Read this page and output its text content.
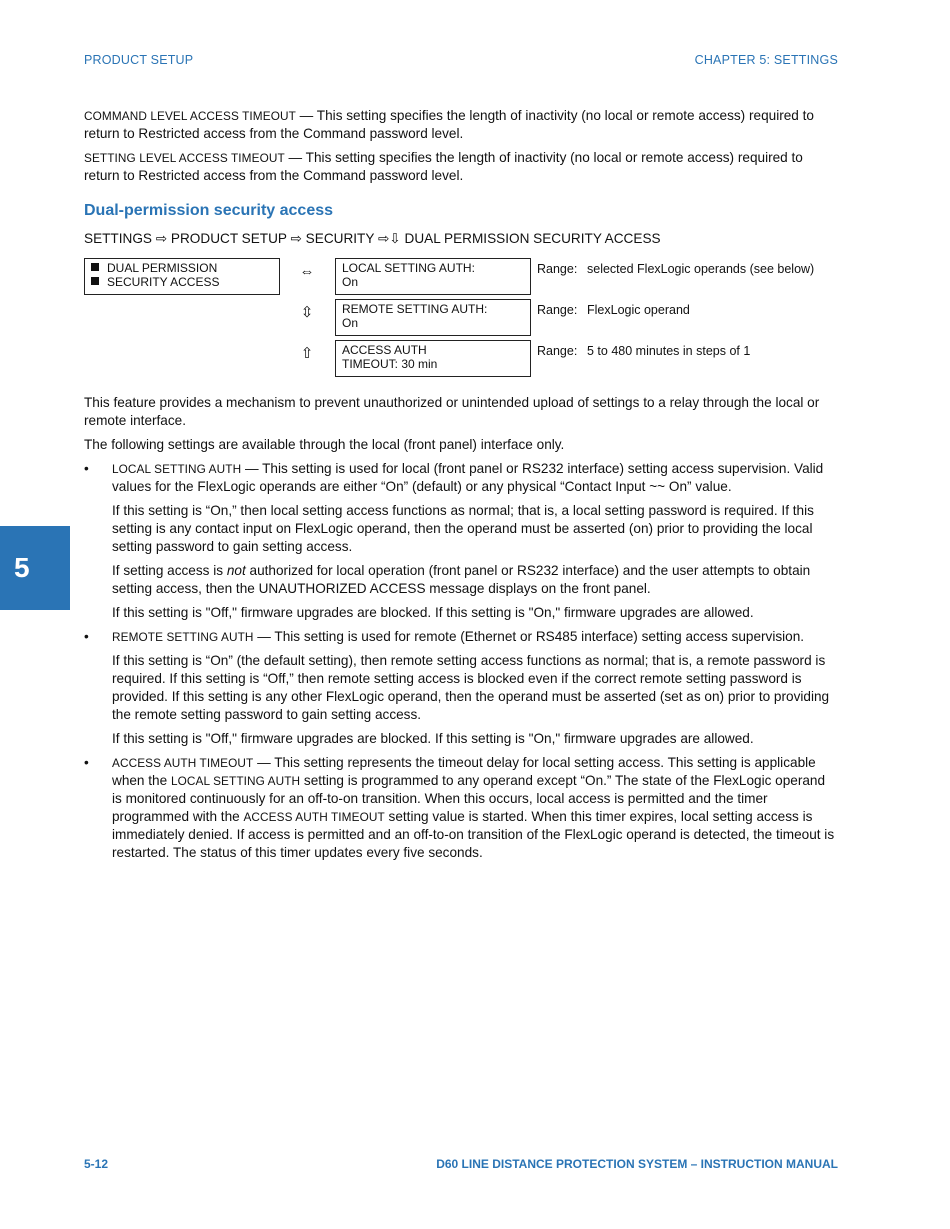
PRODUCT SETUP	CHAPTER 5: SETTINGS
5

COMMAND LEVEL ACCESS TIMEOUT — This setting specifies the length of inactivity (no local or remote access) required to return to Restricted access from the Command password level.

SETTING LEVEL ACCESS TIMEOUT — This setting specifies the length of inactivity (no local or remote access) required to return to Restricted access from the Command password level.

Dual-permission security access
SETTINGS ⇨ PRODUCT SETUP ⇨ SECURITY ⇨⇩ DUAL PERMISSION SECURITY ACCESS
DUAL PERMISSION
SECURITY ACCESS
⇔ LOCAL SETTING AUTH:
On
Range: selected FlexLogic operands (see below)
⇳	REMOTE SETTING AUTH:
On
Range: FlexLogic operand
⇧	ACCESS AUTH
TIMEOUT: 30 min
Range: 5 to 480 minutes in steps of 1

This feature provides a mechanism to prevent unauthorized or unintended upload of settings to a relay through the local or remote interface.

The following settings are available through the local (front panel) interface only.

• LOCAL SETTING AUTH — This setting is used for local (front panel or RS232 interface) setting access supervision. Valid values for the FlexLogic operands are either “On” (default) or any physical “Contact Input ~~ On” value.

If this setting is “On,” then local setting access functions as normal; that is, a local setting password is required. If this setting is any contact input on FlexLogic operand, then the operand must be asserted (on) prior to providing the local setting password to gain setting access.

If setting access is not authorized for local operation (front panel or RS232 interface) and the user attempts to obtain setting access, then the UNAUTHORIZED ACCESS message displays on the front panel.

If this setting is "Off," firmware upgrades are blocked. If this setting is "On," firmware upgrades are allowed.

• REMOTE SETTING AUTH — This setting is used for remote (Ethernet or RS485 interface) setting access supervision.

If this setting is “On” (the default setting), then remote setting access functions as normal; that is, a remote password is required. If this setting is “Off,” then remote setting access is blocked even if the correct remote setting password is provided. If this setting is any other FlexLogic operand, then the operand must be asserted (set as on) prior to providing the remote setting password to gain setting access.

If this setting is "Off," firmware upgrades are blocked. If this setting is "On," firmware upgrades are allowed.

• ACCESS AUTH TIMEOUT — This setting represents the timeout delay for local setting access. This setting is applicable when the LOCAL SETTING AUTH setting is programmed to any operand except “On.” The state of the FlexLogic operand is monitored continuously for an off-to-on transition. When this occurs, local access is permitted and the timer programmed with the ACCESS AUTH TIMEOUT setting value is started. When this timer expires, local setting access is immediately denied. If access is permitted and an off-to-on transition of the FlexLogic operand is detected, the timeout is restarted. The status of this timer updates every five seconds.

5-12	D60 LINE DISTANCE PROTECTION SYSTEM – INSTRUCTION MANUAL
